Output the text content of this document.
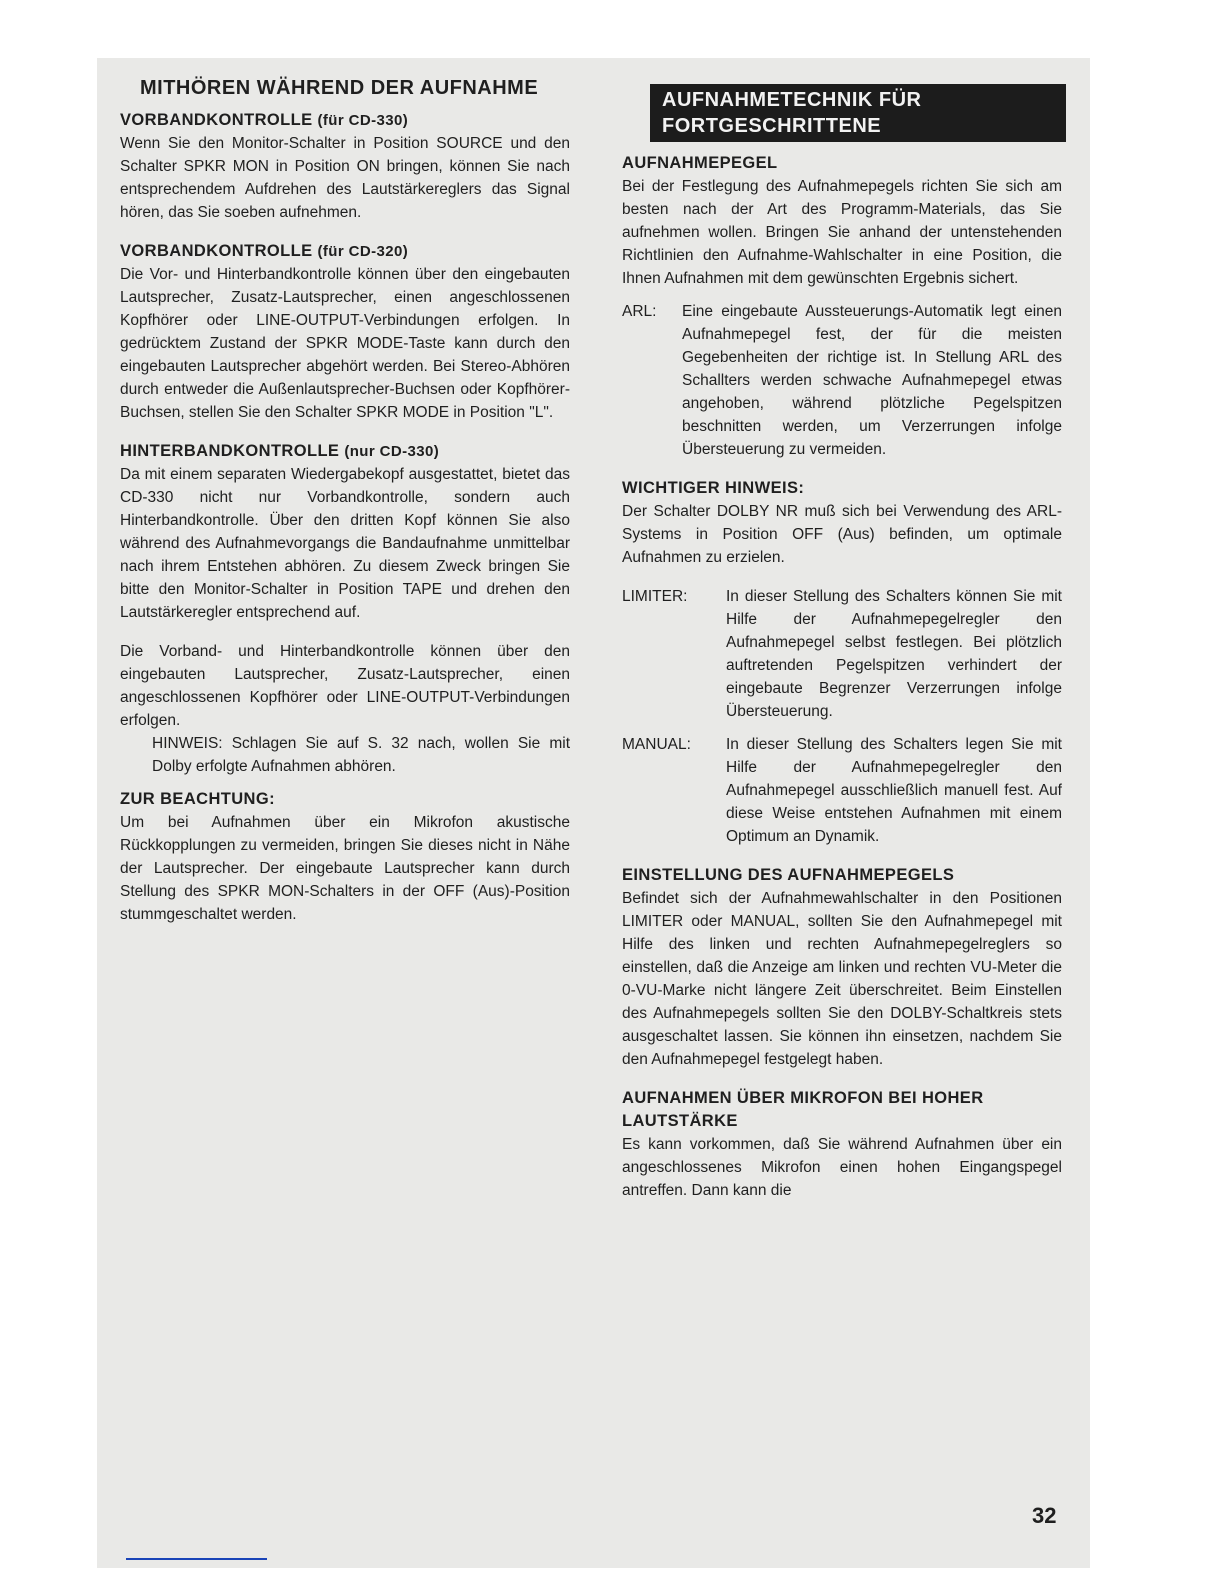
MITHÖREN WÄHREND DER AUFNAHME
VORBANDKONTROLLE (für CD-330)

Wenn Sie den Monitor-Schalter in Position SOURCE und den Schalter SPKR MON in Position ON bringen, können Sie nach entsprechendem Aufdrehen des Lautstärkereglers das Signal hören, das Sie soeben aufnehmen.

VORBANDKONTROLLE (für CD-320)

Die Vor- und Hinterbandkontrolle können über den eingebauten Lautsprecher, Zusatz-Lautsprecher, einen angeschlossenen Kopfhörer oder LINE-OUTPUT-Verbindungen erfolgen. In gedrücktem Zustand der SPKR MODE-Taste kann durch den eingebauten Lautsprecher abgehört werden. Bei Stereo-Abhören durch entweder die Außenlautsprecher-Buchsen oder Kopfhörer-Buchsen, stellen Sie den Schalter SPKR MODE in Position "L".

HINTERBANDKONTROLLE (nur CD-330)

Da mit einem separaten Wiedergabekopf ausgestattet, bietet das CD-330 nicht nur Vorbandkontrolle, sondern auch Hinterbandkontrolle. Über den dritten Kopf können Sie also während des Aufnahmevorgangs die Bandaufnahme unmittelbar nach ihrem Entstehen abhören. Zu diesem Zweck bringen Sie bitte den Monitor-Schalter in Position TAPE und drehen den Lautstärkeregler entsprechend auf.

Die Vorband- und Hinterbandkontrolle können über den eingebauten Lautsprecher, Zusatz-Lautsprecher, einen angeschlossenen Kopfhörer oder LINE-OUTPUT-Verbindungen erfolgen.

HINWEIS: Schlagen Sie auf S. 32 nach, wollen Sie mit Dolby erfolgte Aufnahmen abhören.

ZUR BEACHTUNG:

Um bei Aufnahmen über ein Mikrofon akustische Rückkopplungen zu vermeiden, bringen Sie dieses nicht in Nähe der Lautsprecher. Der eingebaute Lautsprecher kann durch Stellung des SPKR MON-Schalters in der OFF (Aus)-Position stummgeschaltet werden.

AUFNAHMETECHNIK FÜR FORTGESCHRITTENE
AUFNAHMEPEGEL

Bei der Festlegung des Aufnahmepegels richten Sie sich am besten nach der Art des Programm-Materials, das Sie aufnehmen wollen. Bringen Sie anhand der untenstehenden Richtlinien den Aufnahme-Wahlschalter in eine Position, die Ihnen Aufnahmen mit dem gewünschten Ergebnis sichert.

ARL:	Eine eingebaute Aussteuerungs-Automatik legt einen Aufnahmepegel fest, der für die meisten Gegebenheiten der richtige ist. In Stellung ARL des Schallters werden schwache Aufnahmepegel etwas angehoben, während plötzliche Pegelspitzen beschnitten werden, um Verzerrungen infolge Übersteuerung zu vermeiden.
WICHTIGER HINWEIS:

Der Schalter DOLBY NR muß sich bei Verwendung des ARL-Systems in Position OFF (Aus) befinden, um optimale Aufnahmen zu erzielen.

LIMITER:	In dieser Stellung des Schalters können Sie mit Hilfe der Aufnahmepegelregler den Aufnahmepegel selbst festlegen. Bei plötzlich auftretenden Pegelspitzen verhindert der eingebaute Begrenzer Verzerrungen infolge Übersteuerung.
MANUAL:	In dieser Stellung des Schalters legen Sie mit Hilfe der Aufnahmepegelregler den Aufnahmepegel ausschließlich manuell fest. Auf diese Weise entstehen Aufnahmen mit einem Optimum an Dynamik.
EINSTELLUNG DES AUFNAHMEPEGELS

Befindet sich der Aufnahmewahlschalter in den Positionen LIMITER oder MANUAL, sollten Sie den Aufnahmepegel mit Hilfe des linken und rechten Aufnahmepegelreglers so einstellen, daß die Anzeige am linken und rechten VU-Meter die 0-VU-Marke nicht längere Zeit überschreitet. Beim Einstellen des Aufnahmepegels sollten Sie den DOLBY-Schaltkreis stets ausgeschaltet lassen. Sie können ihn einsetzen, nachdem Sie den Aufnahmepegel festgelegt haben.

AUFNAHMEN ÜBER MIKROFON BEI HOHER LAUTSTÄRKE

Es kann vorkommen, daß Sie während Aufnahmen über ein angeschlossenes Mikrofon einen hohen Eingangspegel antreffen. Dann kann die

32
